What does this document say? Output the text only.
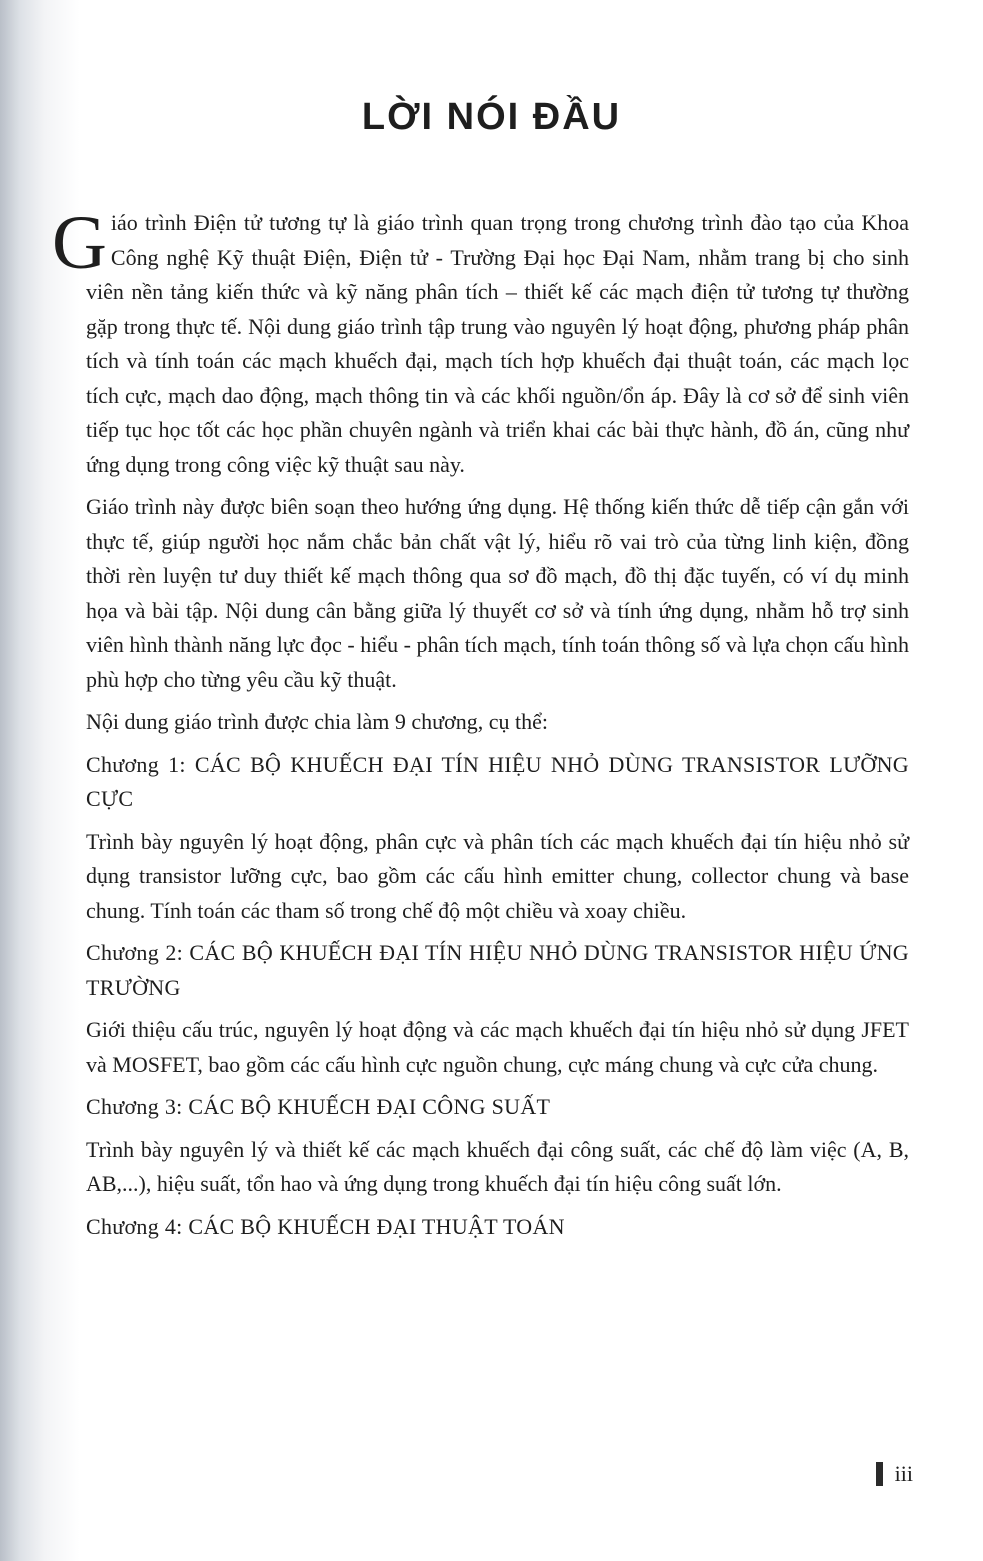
LỜI NÓI ĐẦU

Giáo trình Điện tử tương tự là giáo trình quan trọng trong chương trình đào tạo của Khoa Công nghệ Kỹ thuật Điện, Điện tử - Trường Đại học Đại Nam, nhằm trang bị cho sinh viên nền tảng kiến thức và kỹ năng phân tích – thiết kế các mạch điện tử tương tự thường gặp trong thực tế. Nội dung giáo trình tập trung vào nguyên lý hoạt động, phương pháp phân tích và tính toán các mạch khuếch đại, mạch tích hợp khuếch đại thuật toán, các mạch lọc tích cực, mạch dao động, mạch thông tin và các khối nguồn/ổn áp. Đây là cơ sở để sinh viên tiếp tục học tốt các học phần chuyên ngành và triển khai các bài thực hành, đồ án, cũng như ứng dụng trong công việc kỹ thuật sau này.

Giáo trình này được biên soạn theo hướng ứng dụng. Hệ thống kiến thức dễ tiếp cận gắn với thực tế, giúp người học nắm chắc bản chất vật lý, hiểu rõ vai trò của từng linh kiện, đồng thời rèn luyện tư duy thiết kế mạch thông qua sơ đồ mạch, đồ thị đặc tuyến, có ví dụ minh họa và bài tập. Nội dung cân bằng giữa lý thuyết cơ sở và tính ứng dụng, nhằm hỗ trợ sinh viên hình thành năng lực đọc - hiểu - phân tích mạch, tính toán thông số và lựa chọn cấu hình phù hợp cho từng yêu cầu kỹ thuật.

Nội dung giáo trình được chia làm 9 chương, cụ thể:

Chương 1: CÁC BỘ KHUẾCH ĐẠI TÍN HIỆU NHỎ DÙNG TRANSISTOR LƯỠNG CỰC

Trình bày nguyên lý hoạt động, phân cực và phân tích các mạch khuếch đại tín hiệu nhỏ sử dụng transistor lưỡng cực, bao gồm các cấu hình emitter chung, collector chung và base chung. Tính toán các tham số trong chế độ một chiều và xoay chiều.

Chương 2: CÁC BỘ KHUẾCH ĐẠI TÍN HIỆU NHỎ DÙNG TRANSISTOR HIỆU ỨNG TRƯỜNG

Giới thiệu cấu trúc, nguyên lý hoạt động và các mạch khuếch đại tín hiệu nhỏ sử dụng JFET và MOSFET, bao gồm các cấu hình cực nguồn chung, cực máng chung và cực cửa chung.

Chương 3: CÁC BỘ KHUẾCH ĐẠI CÔNG SUẤT

Trình bày nguyên lý và thiết kế các mạch khuếch đại công suất, các chế độ làm việc (A, B, AB,...), hiệu suất, tổn hao và ứng dụng trong khuếch đại tín hiệu công suất lớn.

Chương 4: CÁC BỘ KHUẾCH ĐẠI THUẬT TOÁN

iii
